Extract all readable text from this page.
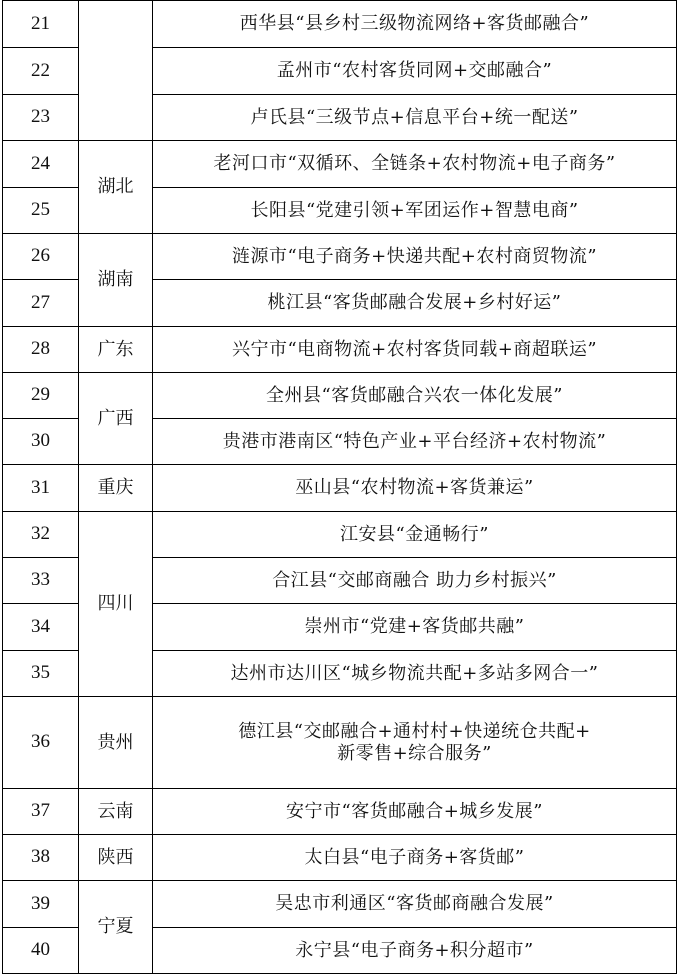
21		西华县“县乡村三级物流网络+客货邮融合”
22		孟州市“农村客货同网+交邮融合”
23		卢氏县“三级节点+信息平台+统一配送”
24	湖北	老河口市“双循环、全链条+农村物流+电子商务”
25		长阳县“党建引领+军团运作+智慧电商”
26	湖南	涟源市“电子商务+快递共配+农村商贸物流”
27		桃江县“客货邮融合发展+乡村好运”
28	广东	兴宁市“电商物流+农村客货同载+商超联运”
29	广西	全州县“客货邮融合兴农一体化发展”
30		贵港市港南区“特色产业+平台经济+农村物流”
31	重庆	巫山县“农村物流+客货兼运”
32	四川	江安县“金通畅行”
33		合江县“交邮商融合 助力乡村振兴”
34		崇州市“党建+客货邮共融”
35		达州市达川区“城乡物流共配+多站多网合一”
36	贵州	德江县“交邮融合+通村村+快递统仓共配+
新零售+综合服务”

37	云南	安宁市“客货邮融合+城乡发展”
38	陕西	太白县“电子商务+客货邮”
39	宁夏	吴忠市利通区“客货邮商融合发展”
40		永宁县“电子商务+积分超市”
